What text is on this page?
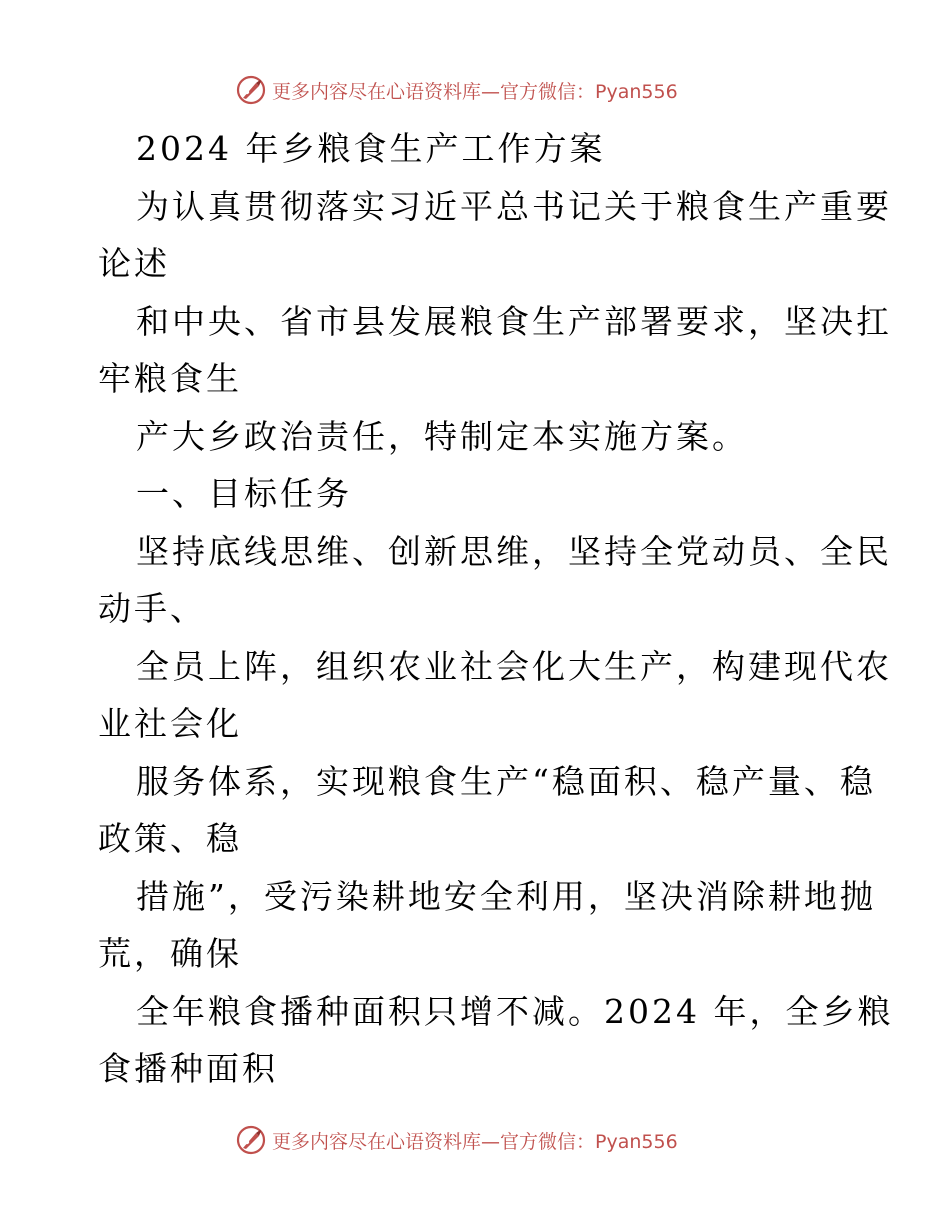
更多内容尽在心语资料库—官方微信：Pyan556
2024 年乡粮食生产工作方案
为认真贯彻落实习近平总书记关于粮食生产重要
论述
和中央、省市县发展粮食生产部署要求，坚决扛
牢粮食生
产大乡政治责任，特制定本实施方案。
一、目标任务
坚持底线思维、创新思维，坚持全党动员、全民
动手、
全员上阵，组织农业社会化大生产，构建现代农
业社会化
服务体系，实现粮食生产“稳面积、稳产量、稳
政策、稳
措施”，受污染耕地安全利用，坚决消除耕地抛
荒，确保
全年粮食播种面积只增不减。2024 年，全乡粮
食播种面积
更多内容尽在心语资料库—官方微信：Pyan556
